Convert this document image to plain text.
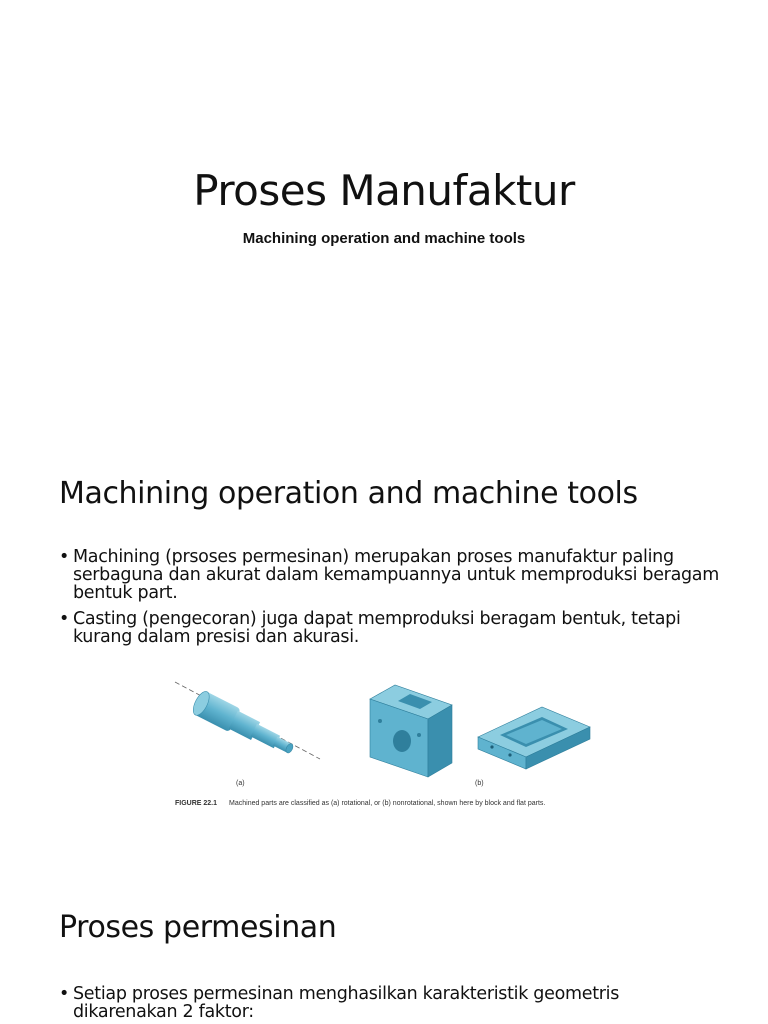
Proses Manufaktur
Machining operation and machine tools
Machining operation and machine tools
• Machining (prsoses permesinan) merupakan proses manufaktur paling serbaguna dan akurat dalam kemampuannya untuk memproduksi beragam bentuk part.
• Casting (pengecoran) juga dapat memproduksi beragam bentuk, tetapi kurang dalam presisi dan akurasi.
(a)	(b)
FIGURE 22.1 Machined parts are classified as (a) rotational, or (b) nonrotational, shown here by block and flat parts.
Proses permesinan
• Setiap proses permesinan menghasilkan karakteristik geometris dikarenakan 2 faktor:
